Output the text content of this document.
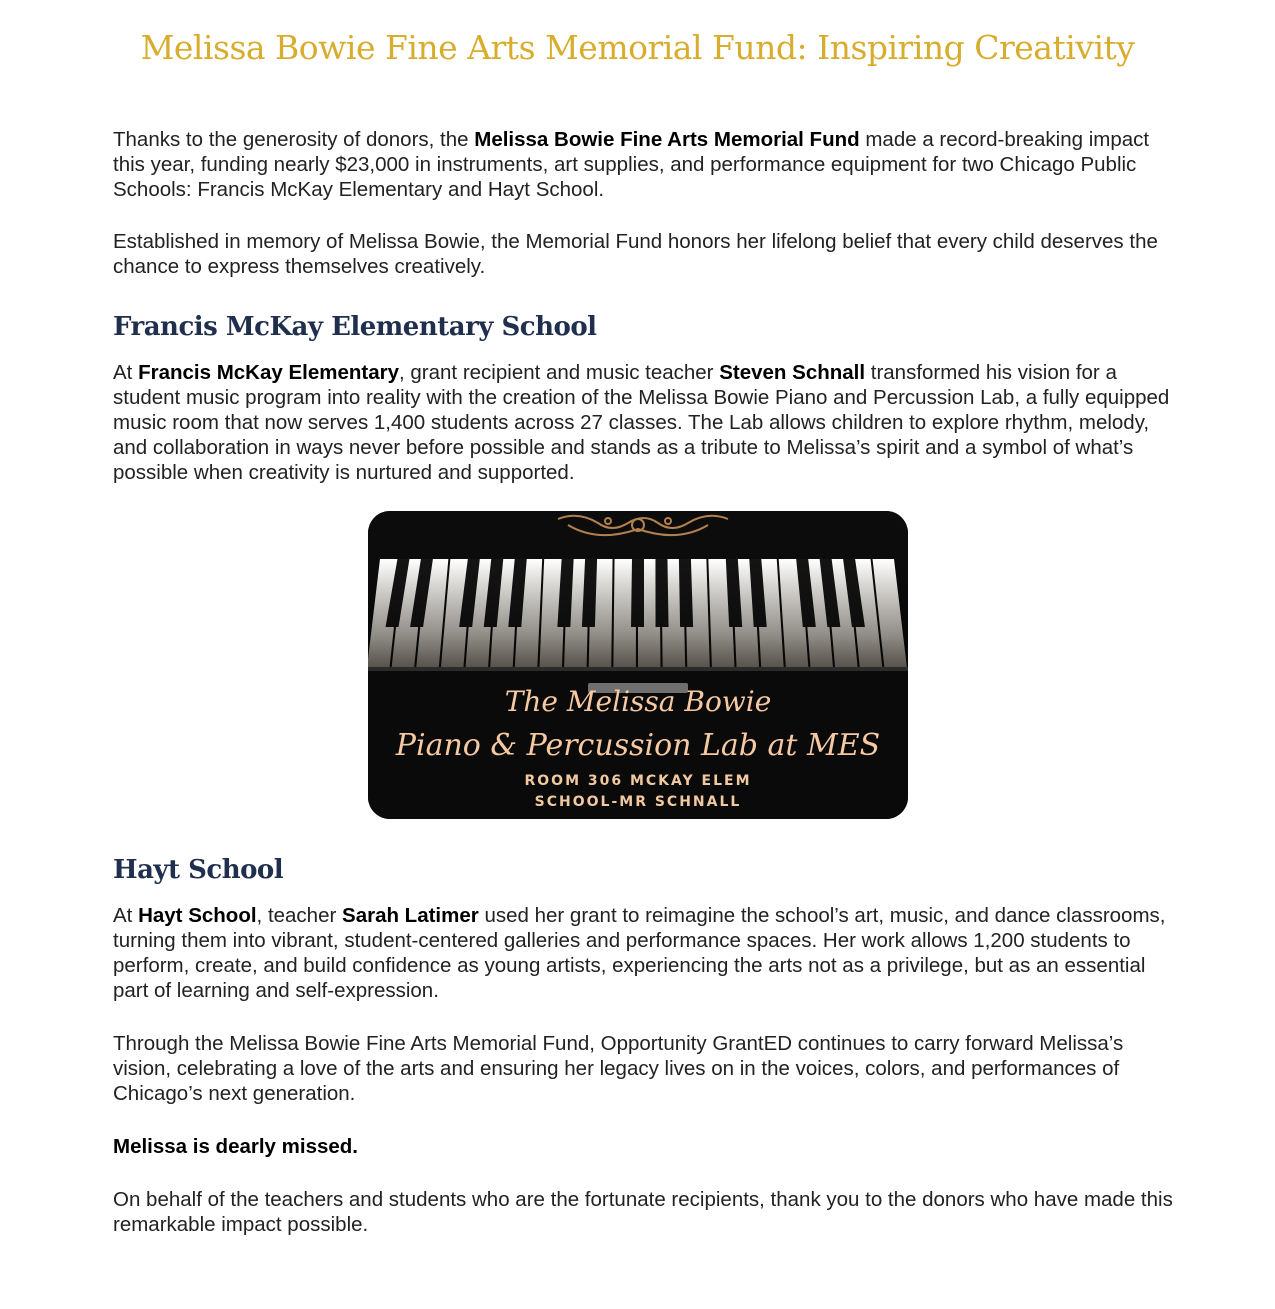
Melissa Bowie Fine Arts Memorial Fund: Inspiring Creativity

Thanks to the generosity of donors, the Melissa Bowie Fine Arts Memorial Fund made a record-breaking impact this year, funding nearly $23,000 in instruments, art supplies, and performance equipment for two Chicago Public Schools: Francis McKay Elementary and Hayt School.

Established in memory of Melissa Bowie, the Memorial Fund honors her lifelong belief that every child deserves the chance to express themselves creatively.

Francis McKay Elementary School

At Francis McKay Elementary, grant recipient and music teacher Steven Schnall transformed his vision for a student music program into reality with the creation of the Melissa Bowie Piano and Percussion Lab, a fully equipped music room that now serves 1,400 students across 27 classes. The Lab allows children to explore rhythm, melody, and collaboration in ways never before possible and stands as a tribute to Melissa’s spirit and a symbol of what’s possible when creativity is nurtured and supported.

The Melissa Bowie
Piano & Percussion Lab at MES
ROOM 306 MCKAY ELEM
SCHOOL-MR SCHNALL
Hayt School

At Hayt School, teacher Sarah Latimer used her grant to reimagine the school’s art, music, and dance classrooms, turning them into vibrant, student-centered galleries and performance spaces. Her work allows 1,200 students to perform, create, and build confidence as young artists, experiencing the arts not as a privilege, but as an essential part of learning and self-expression.

Through the Melissa Bowie Fine Arts Memorial Fund, Opportunity GrantED continues to carry forward Melissa’s vision, celebrating a love of the arts and ensuring her legacy lives on in the voices, colors, and performances of Chicago’s next generation.

Melissa is dearly missed.

On behalf of the teachers and students who are the fortunate recipients, thank you to the donors who have made this remarkable impact possible.
